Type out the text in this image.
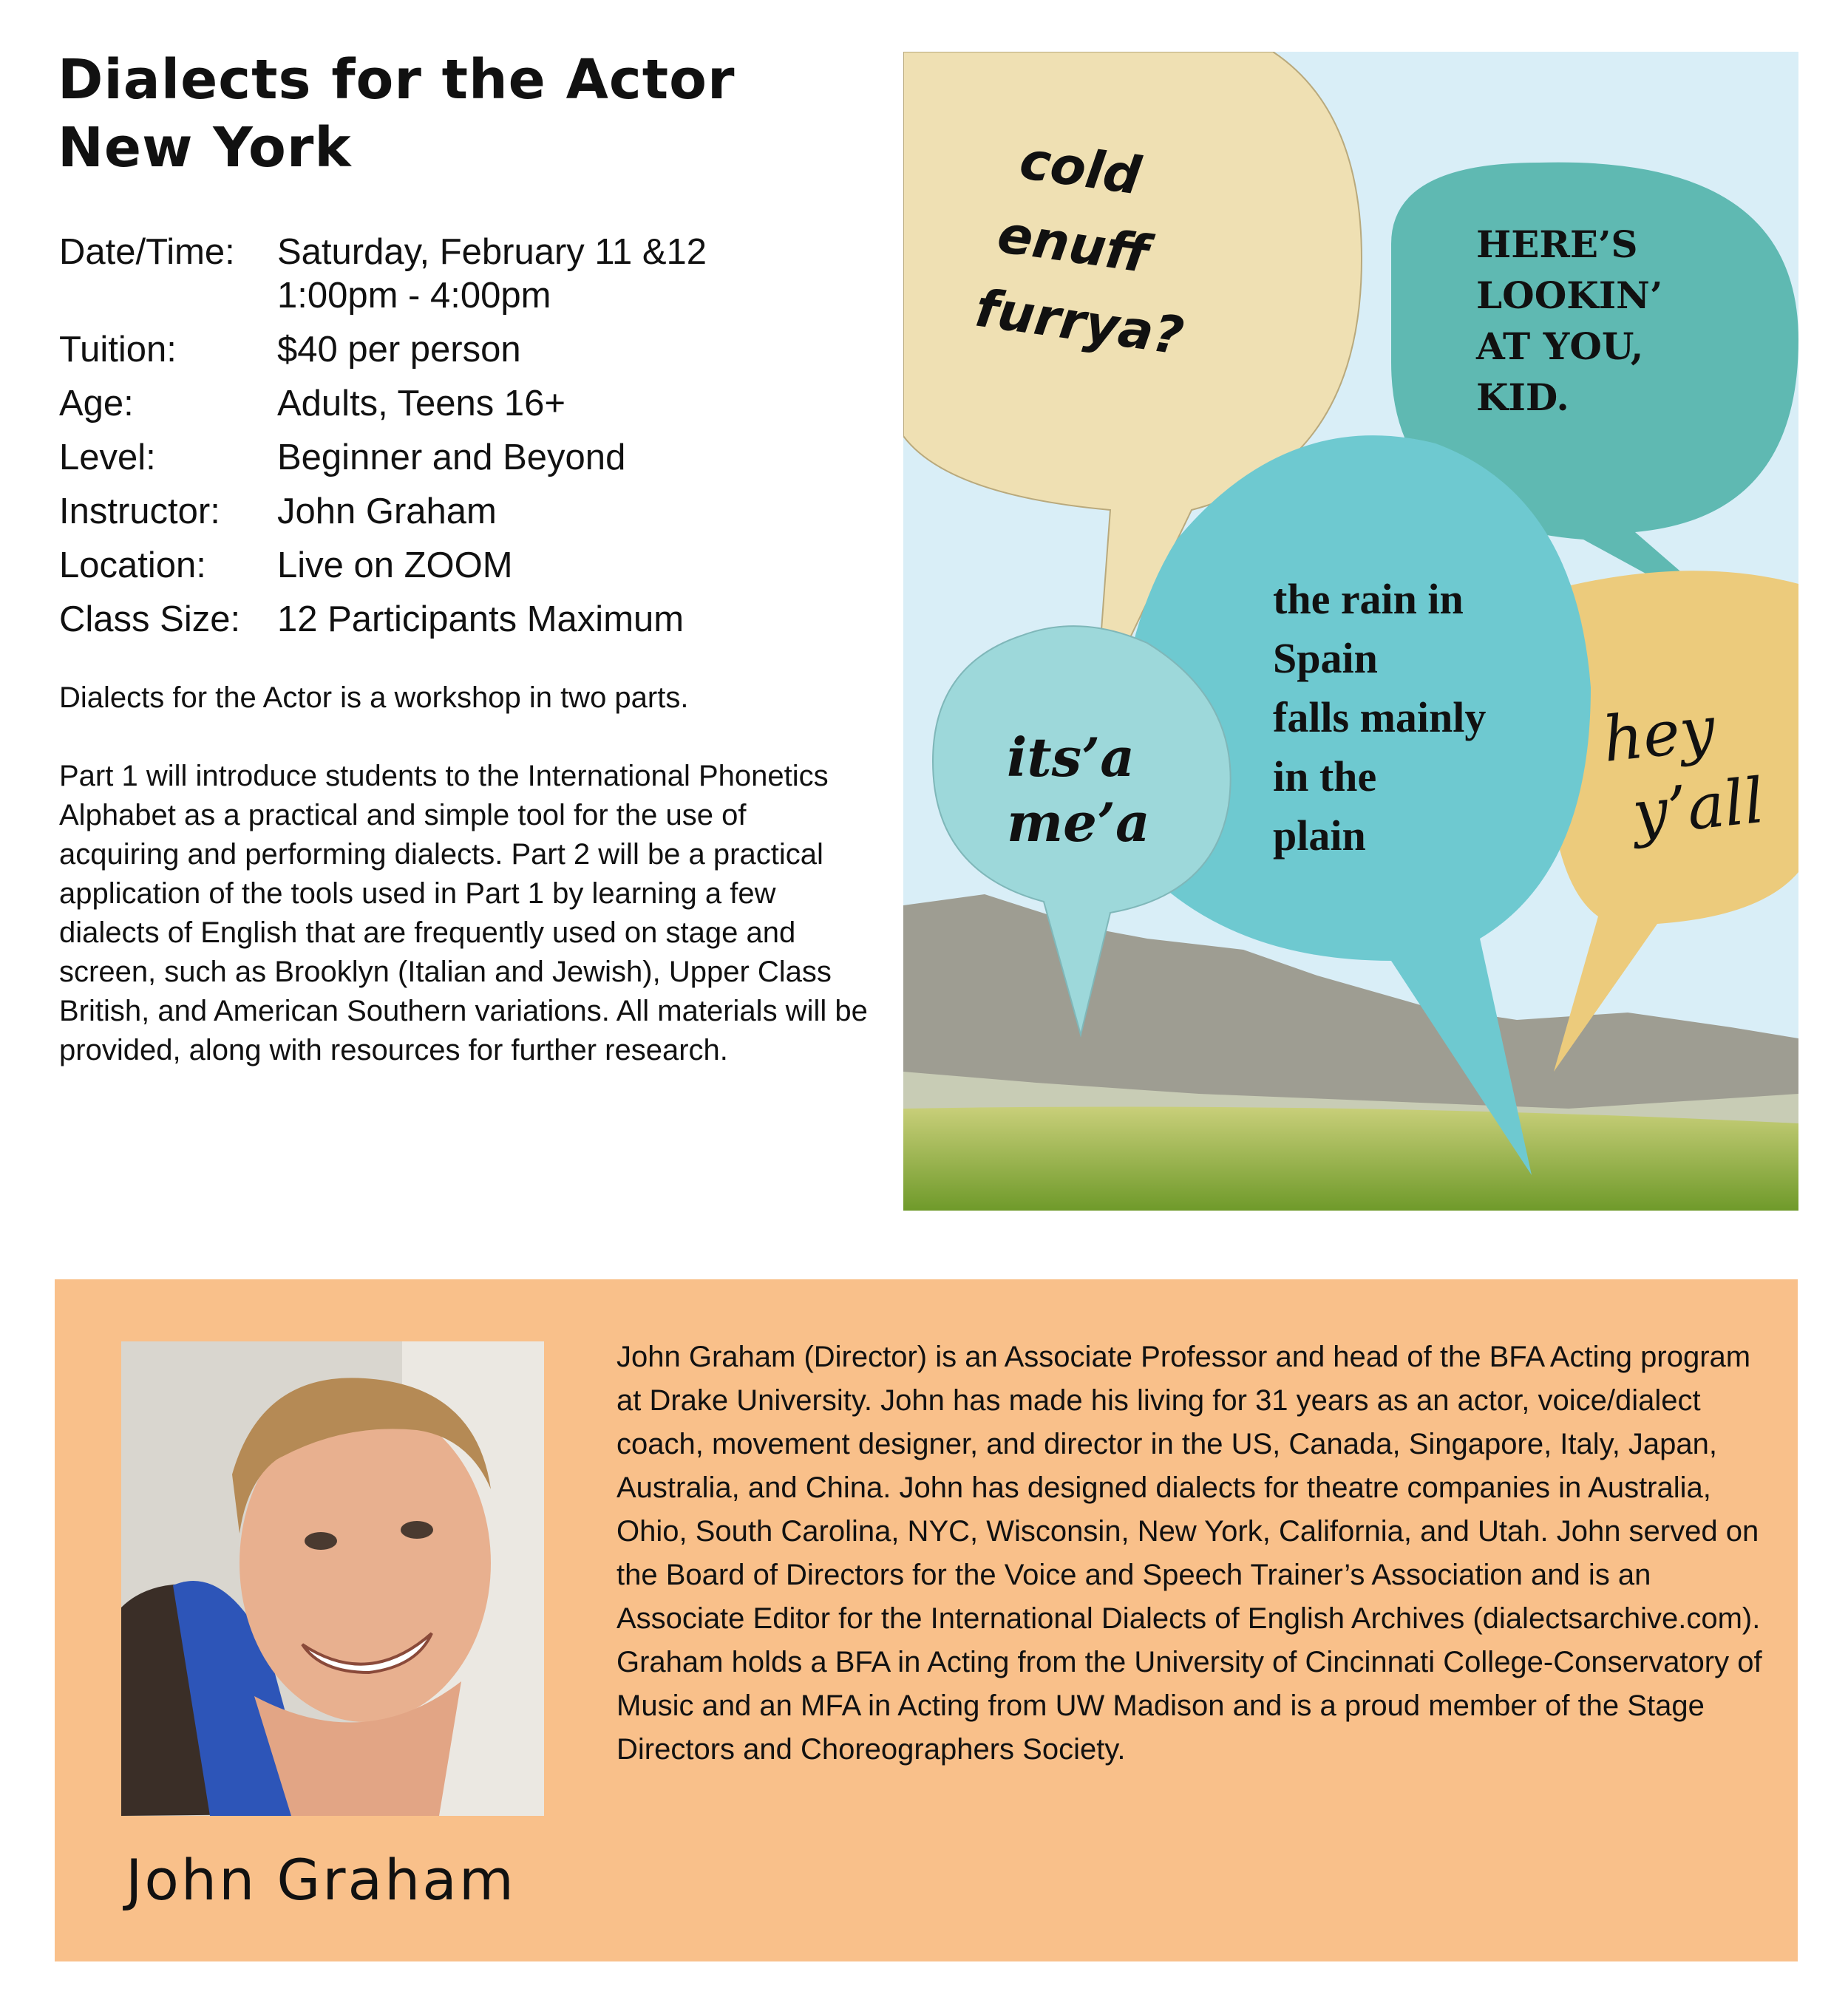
Dialects for the Actor
New York
Date/Time:	Saturday, February 11 &12
1:00pm - 4:00pm
Tuition:	$40 per person
Age:	Adults, Teens 16+
Level:	Beginner and Beyond
Instructor:	John Graham
Location:	Live on ZOOM
Class Size:	12 Participants Maximum

Dialects for the Actor is a workshop in two parts.

Part 1 will introduce students to the International Phonetics Alphabet as a practical and simple tool for the use of acquiring and performing dialects. Part 2 will be a practical application of the tools used in Part 1 by learning a few dialects of English that are frequently used on stage and screen, such as Brooklyn (Italian and Jewish), Upper Class British, and American Southern variations. All materials will be provided, along with resources for further research.

cold
enuff
furrya?
HERE’S
LOOKIN’
AT YOU,
KID.
the rain in
Spain
falls mainly
in the
plain
its’a
me’a
hey
y’all
John Graham

John Graham (Director) is an Associate Professor and head of the BFA Acting program at Drake University. John has made his living for 31 years as an actor, voice/dialect coach, movement designer, and director in the US, Canada, Singapore, Italy, Japan, Australia, and China. John has designed dialects for theatre companies in Australia, Ohio, South Carolina, NYC, Wisconsin, New York, California, and Utah. John served on the Board of Directors for the Voice and Speech Trainer’s Association and is an Associate Editor for the International Dialects of English Archives (dialectsarchive.com). Graham holds a BFA in Acting from the University of Cincinnati College-Conservatory of Music and an MFA in Acting from UW Madison and is a proud member of the Stage Directors and Choreographers Society.
